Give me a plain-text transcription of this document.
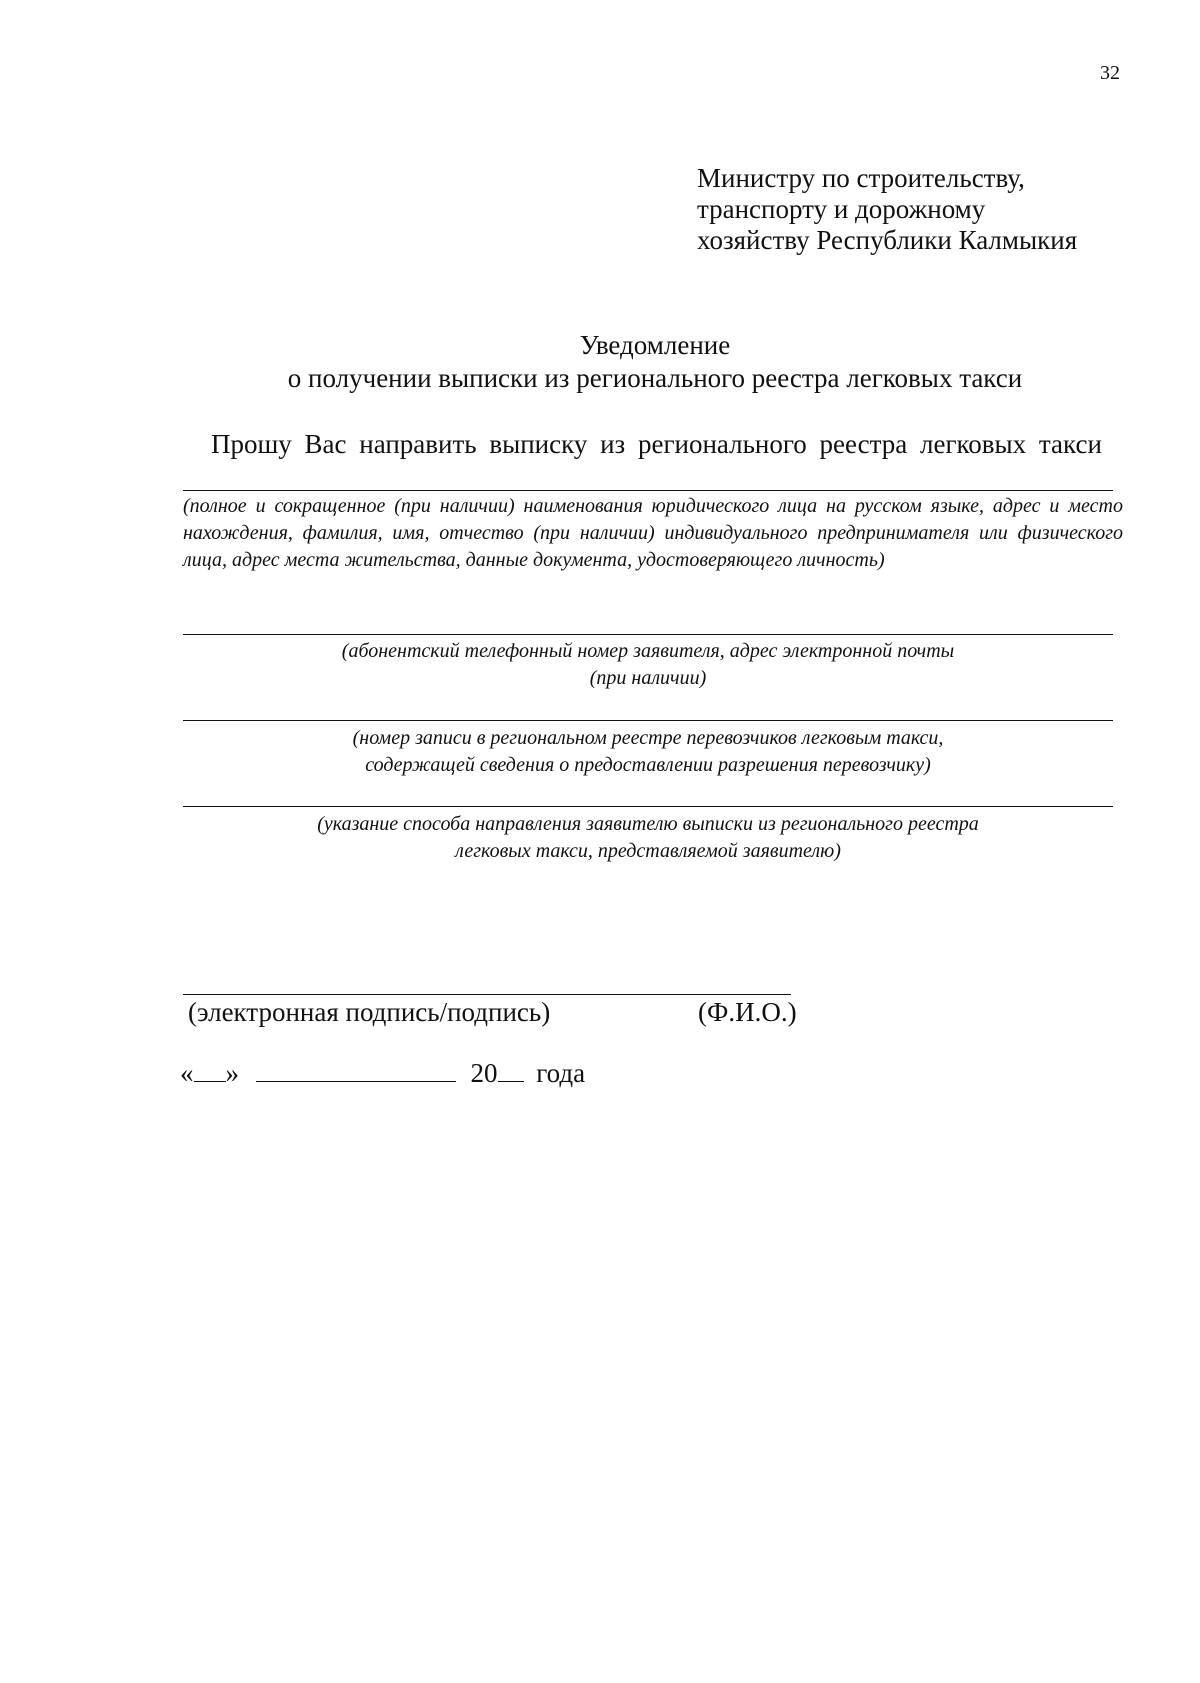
32
Министру по строительству,
транспорту и дорожному
хозяйству Республики Калмыкия
Уведомление
о получении выписки из регионального реестра легковых такси
Прошу Вас направить выписку из регионального реестра легковых такси
(полное и сокращенное (при наличии) наименования юридического лица на русском языке, адрес и место нахождения, фамилия, имя, отчество (при наличии) индивидуального предпринимателя или физического лица, адрес места жительства, данные документа, удостоверяющего личность)
(абонентский телефонный номер заявителя, адрес электронной почты
(при наличии)
(номер записи в региональном реестре перевозчиков легковым такси,
содержащей сведения о предоставлении разрешения перевозчику)
(указание способа направления заявителю выписки из регионального реестра
легковых такси, представляемой заявителю)
(электронная подпись/подпись)	(Ф.И.О.)
« »	20 года
